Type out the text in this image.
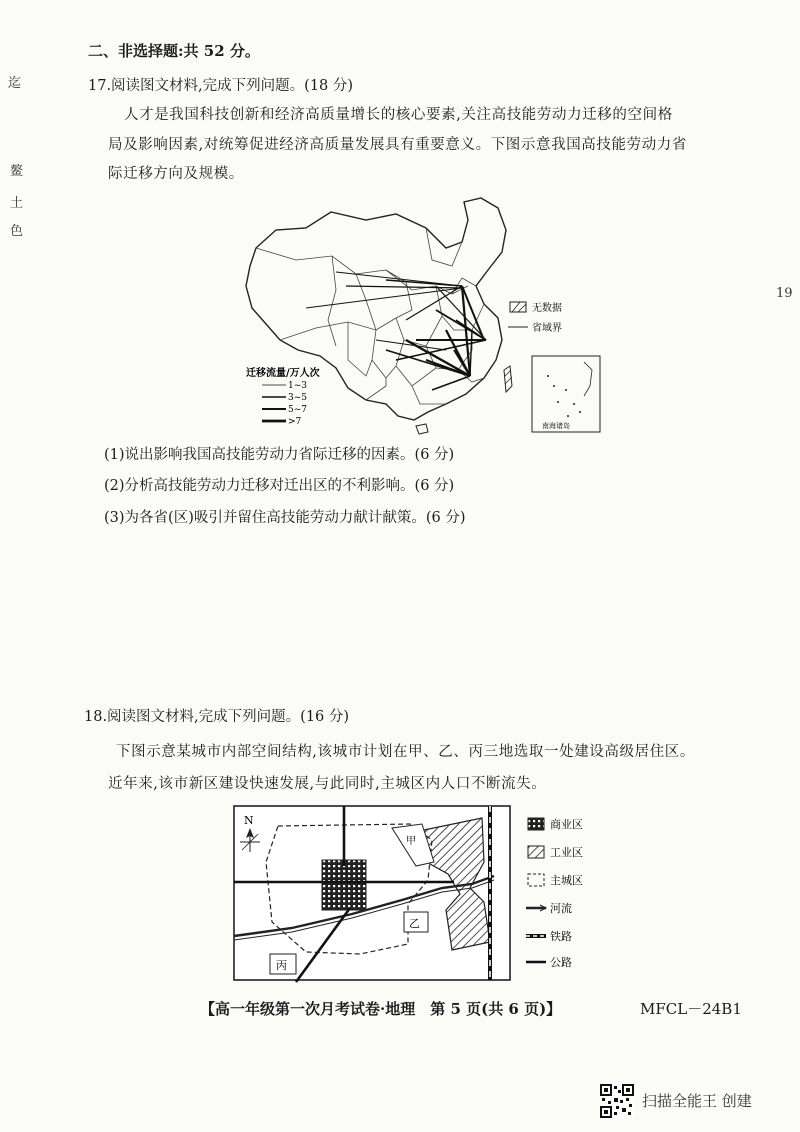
迄
鳌
土
色
19
二、非选择题:共 52 分。
17.阅读图文材料,完成下列问题。(18 分)
人才是我国科技创新和经济高质量增长的核心要素,关注高技能劳动力迁移的空间格
局及影响因素,对统筹促进经济高质量发展具有重要意义。下图示意我国高技能劳动力省
际迁移方向及规模。
无数据
省域界
南海诸岛
迁移流量/万人次
1~3
3~5
5~7
>7
(1)说出影响我国高技能劳动力省际迁移的因素。(6 分)
(2)分析高技能劳动力迁移对迁出区的不利影响。(6 分)
(3)为各省(区)吸引并留住高技能劳动力献计献策。(6 分)
18.阅读图文材料,完成下列问题。(16 分)
下图示意某城市内部空间结构,该城市计划在甲、乙、丙三地选取一处建设高级居住区。
近年来,该市新区建设快速发展,与此同时,主城区内人口不断流失。
甲
N
乙
丙
商业区
工业区
主城区
河流
铁路
公路
【高一年级第一次月考试卷·地理　第 5 页(共 6 页)】	MFCL－24B1
扫描全能王 创建
